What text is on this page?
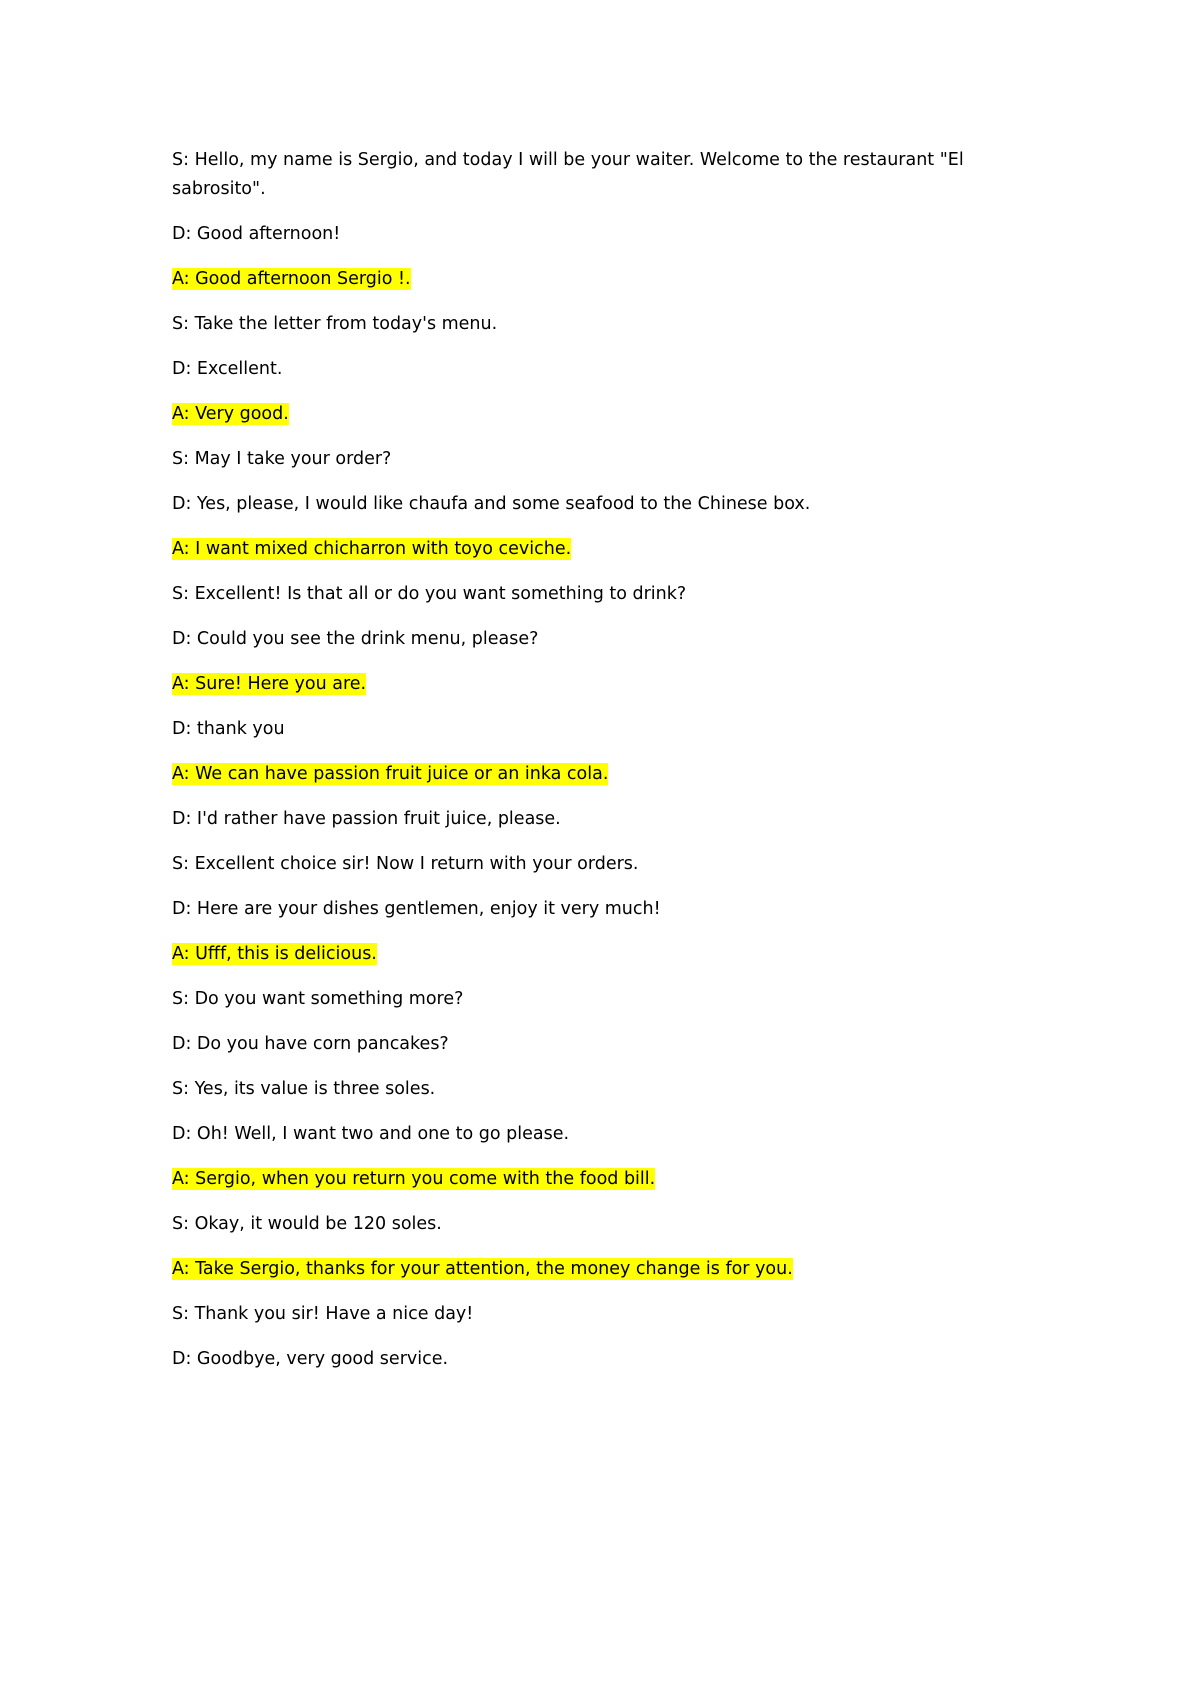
S: Hello, my name is Sergio, and today I will be your waiter. Welcome to the restaurant "El sabrosito".

D: Good afternoon!

A: Good afternoon Sergio !.

S: Take the letter from today's menu.

D: Excellent.

A: Very good.

S: May I take your order?

D: Yes, please, I would like chaufa and some seafood to the Chinese box.

A: I want mixed chicharron with toyo ceviche.

S: Excellent! Is that all or do you want something to drink?

D: Could you see the drink menu, please?

A: Sure! Here you are.

D: thank you

A: We can have passion fruit juice or an inka cola.

D: I'd rather have passion fruit juice, please.

S: Excellent choice sir! Now I return with your orders.

D: Here are your dishes gentlemen, enjoy it very much!

A: Ufff, this is delicious.

S: Do you want something more?

D: Do you have corn pancakes?

S: Yes, its value is three soles.

D: Oh! Well, I want two and one to go please.

A: Sergio, when you return you come with the food bill.

S: Okay, it would be 120 soles.

A: Take Sergio, thanks for your attention, the money change is for you.

S: Thank you sir! Have a nice day!

D: Goodbye, very good service.
